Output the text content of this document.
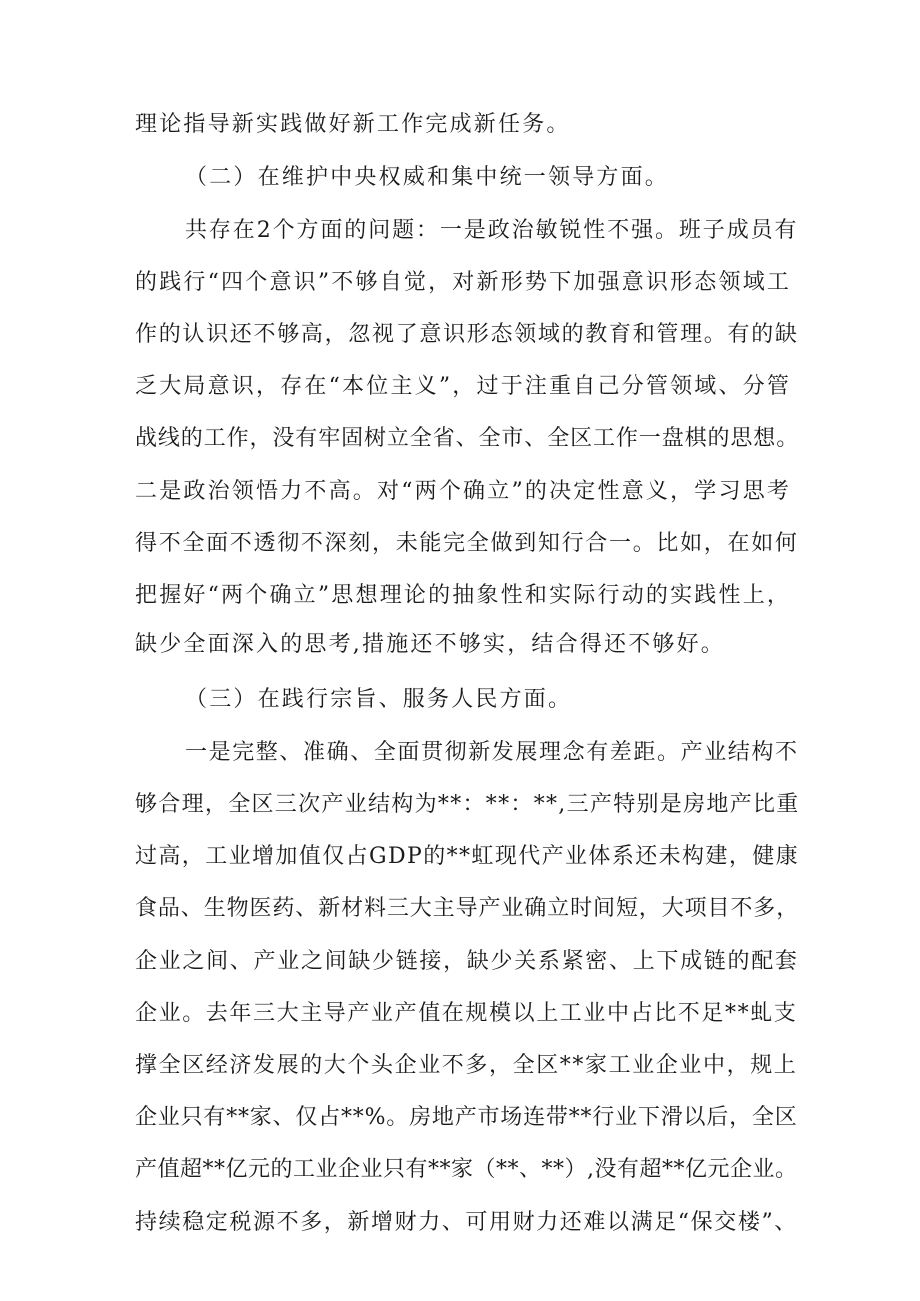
理论指导新实践做好新工作完成新任务。

（二）在维护中央权威和集中统一领导方面。

共存在2个方面的问题：一是政治敏锐性不强。班子成员有

的践行“四个意识”不够自觉，对新形势下加强意识形态领域工

作的认识还不够高，忽视了意识形态领域的教育和管理。有的缺

乏大局意识，存在“本位主义”，过于注重自己分管领域、分管

战线的工作，没有牢固树立全省、全市、全区工作一盘棋的思想。

二是政治领悟力不高。对“两个确立”的决定性意义，学习思考

得不全面不透彻不深刻，未能完全做到知行合一。比如，在如何

把握好“两个确立”思想理论的抽象性和实际行动的实践性上，

缺少全面深入的思考,措施还不够实，结合得还不够好。

（三）在践行宗旨、服务人民方面。

一是完整、准确、全面贯彻新发展理念有差距。产业结构不

够合理，全区三次产业结构为**：**：**,三产特别是房地产比重

过高，工业增加值仅占GDP的**虹现代产业体系还未构建，健康

食品、生物医药、新材料三大主导产业确立时间短，大项目不多，

企业之间、产业之间缺少链接，缺少关系紧密、上下成链的配套

企业。去年三大主导产业产值在规模以上工业中占比不足**虬支

撑全区经济发展的大个头企业不多，全区**家工业企业中，规上

企业只有**家、仅占**%。房地产市场连带**行业下滑以后，全区

产值超**亿元的工业企业只有**家（**、**）,没有超**亿元企业。

持续稳定税源不多，新增财力、可用财力还难以满足“保交楼”、
